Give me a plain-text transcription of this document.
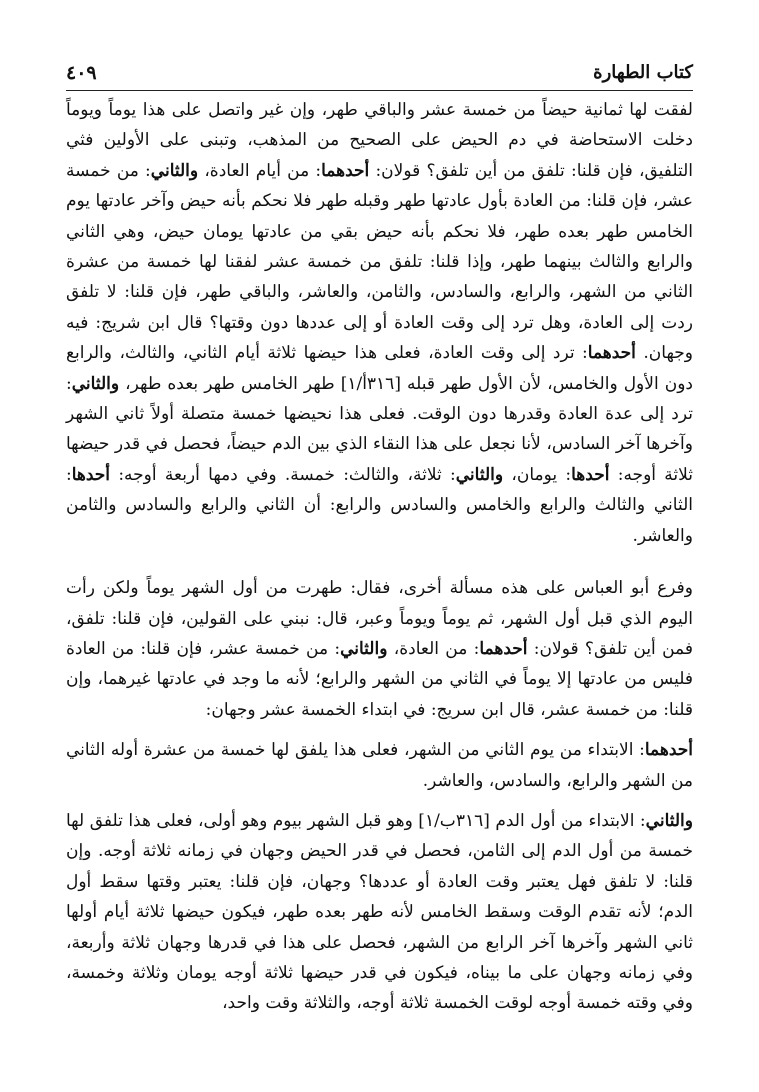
كتاب الطهارة
٤٠٩

لفقت لها ثمانية حيضاً من خمسة عشر والباقي طهر، وإن غير واتصل على هذا يوماً ويوماً دخلت الاستحاضة في دم الحيض على الصحيح من المذهب، وتبنى على الأولين فثي التلفيق، فإن قلنا: تلفق من أين تلفق؟ قولان: أحدهما: من أيام العادة، والثاني: من خمسة عشر، فإن قلنا: من العادة بأول عادتها طهر وقبله طهر فلا نحكم بأنه حيض وآخر عادتها يوم الخامس طهر بعده طهر، فلا نحكم بأنه حيض بقي من عادتها يومان حيض، وهي الثاني والرابع والثالث بينهما طهر، وإذا قلنا: تلفق من خمسة عشر لفقنا لها خمسة من عشرة الثاني من الشهر، والرابع، والسادس، والثامن، والعاشر، والباقي طهر، فإن قلنا: لا تلفق ردت إلى العادة، وهل ترد إلى وقت العادة أو إلى عددها دون وقتها؟ قال ابن شريج: فيه وجهان. أحدهما: ترد إلى وقت العادة، فعلى هذا حيضها ثلاثة أيام الثاني، والثالث، والرابع دون الأول والخامس، لأن الأول طهر قبله [٣١٦أ/١] طهر الخامس طهر بعده طهر، والثاني: ترد إلى عدة العادة وقدرها دون الوقت. فعلى هذا نحيضها خمسة متصلة أولاً ثاني الشهر وآخرها آخر السادس، لأنا نجعل على هذا النقاء الذي بين الدم حيضاً، فحصل في قدر حيضها ثلاثة أوجه: أحدها: يومان، والثاني: ثلاثة، والثالث: خمسة. وفي دمها أربعة أوجه: أحدها: الثاني والثالث والرابع والخامس والسادس والرابع: أن الثاني والرابع والسادس والثامن والعاشر.

وفرع أبو العباس على هذه مسألة أخرى، فقال: طهرت من أول الشهر يوماً ولكن رأت اليوم الذي قبل أول الشهر، ثم يوماً ويوماً وعبر، قال: نبني على القولين، فإن قلنا: تلفق، فمن أين تلفق؟ قولان: أحدهما: من العادة، والثاني: من خمسة عشر، فإن قلنا: من العادة فليس من عادتها إلا يوماً في الثاني من الشهر والرابع؛ لأنه ما وجد في عادتها غيرهما، وإن قلنا: من خمسة عشر، قال ابن سريج: في ابتداء الخمسة عشر وجهان:

أحدهما: الابتداء من يوم الثاني من الشهر، فعلى هذا يلفق لها خمسة من عشرة أوله الثاني من الشهر والرابع، والسادس، والعاشر.

والثاني: الابتداء من أول الدم [٣١٦ب/١] وهو قبل الشهر بيوم وهو أولى، فعلى هذا تلفق لها خمسة من أول الدم إلى الثامن، فحصل في قدر الحيض وجهان في زمانه ثلاثة أوجه. وإن قلنا: لا تلفق فهل يعتبر وقت العادة أو عددها؟ وجهان، فإن قلنا: يعتبر وقتها سقط أول الدم؛ لأنه تقدم الوقت وسقط الخامس لأنه طهر بعده طهر، فيكون حيضها ثلاثة أيام أولها ثاني الشهر وآخرها آخر الرابع من الشهر، فحصل على هذا في قدرها وجهان ثلاثة وأربعة، وفي زمانه وجهان على ما بيناه، فيكون في قدر حيضها ثلاثة أوجه يومان وثلاثة وخمسة، وفي وقته خمسة أوجه لوقت الخمسة ثلاثة أوجه، والثلاثة وقت واحد،
